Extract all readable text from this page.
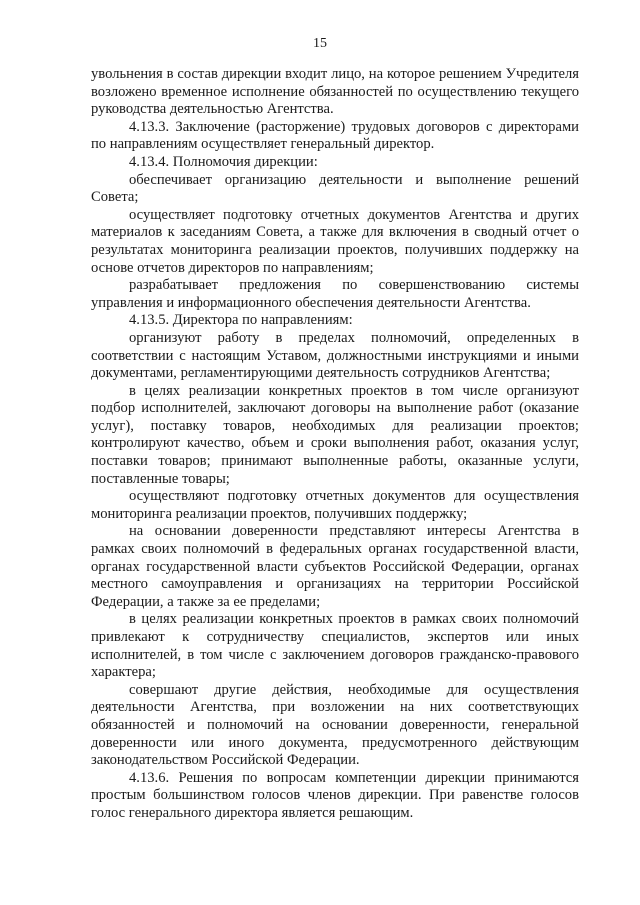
15

увольнения в состав дирекции входит лицо, на которое решением Учредителя возложено временное исполнение обязанностей по осуществлению текущего руководства деятельностью Агентства.

4.13.3. Заключение (расторжение) трудовых договоров с директорами по направлениям осуществляет генеральный директор.

4.13.4. Полномочия дирекции:

обеспечивает организацию деятельности и выполнение решений Совета;

осуществляет подготовку отчетных документов Агентства и других материалов к заседаниям Совета, а также для включения в сводный отчет о результатах мониторинга реализации проектов, получивших поддержку на основе отчетов директоров по направлениям;

разрабатывает предложения по совершенствованию системы управления и информационного обеспечения деятельности Агентства.

4.13.5. Директора по направлениям:

организуют работу в пределах полномочий, определенных в соответствии с настоящим Уставом, должностными инструкциями и иными документами, регламентирующими деятельность сотрудников Агентства;

в целях реализации конкретных проектов в том числе организуют подбор исполнителей, заключают договоры на выполнение работ (оказание услуг), поставку товаров, необходимых для реализации проектов; контролируют качество, объем и сроки выполнения работ, оказания услуг, поставки товаров; принимают выполненные работы, оказанные услуги, поставленные товары;

осуществляют подготовку отчетных документов для осуществления мониторинга реализации проектов, получивших поддержку;

на основании доверенности представляют интересы Агентства в рамках своих полномочий в федеральных органах государственной власти, органах государственной власти субъектов Российской Федерации, органах местного самоуправления и организациях на территории Российской Федерации, а также за ее пределами;

в целях реализации конкретных проектов в рамках своих полномочий привлекают к сотрудничеству специалистов, экспертов или иных исполнителей, в том числе с заключением договоров гражданско-правового характера;

совершают другие действия, необходимые для осуществления деятельности Агентства, при возложении на них соответствующих обязанностей и полномочий на основании доверенности, генеральной доверенности или иного документа, предусмотренного действующим законодательством Российской Федерации.

4.13.6. Решения по вопросам компетенции дирекции принимаются простым большинством голосов членов дирекции. При равенстве голосов голос генерального директора является решающим.
